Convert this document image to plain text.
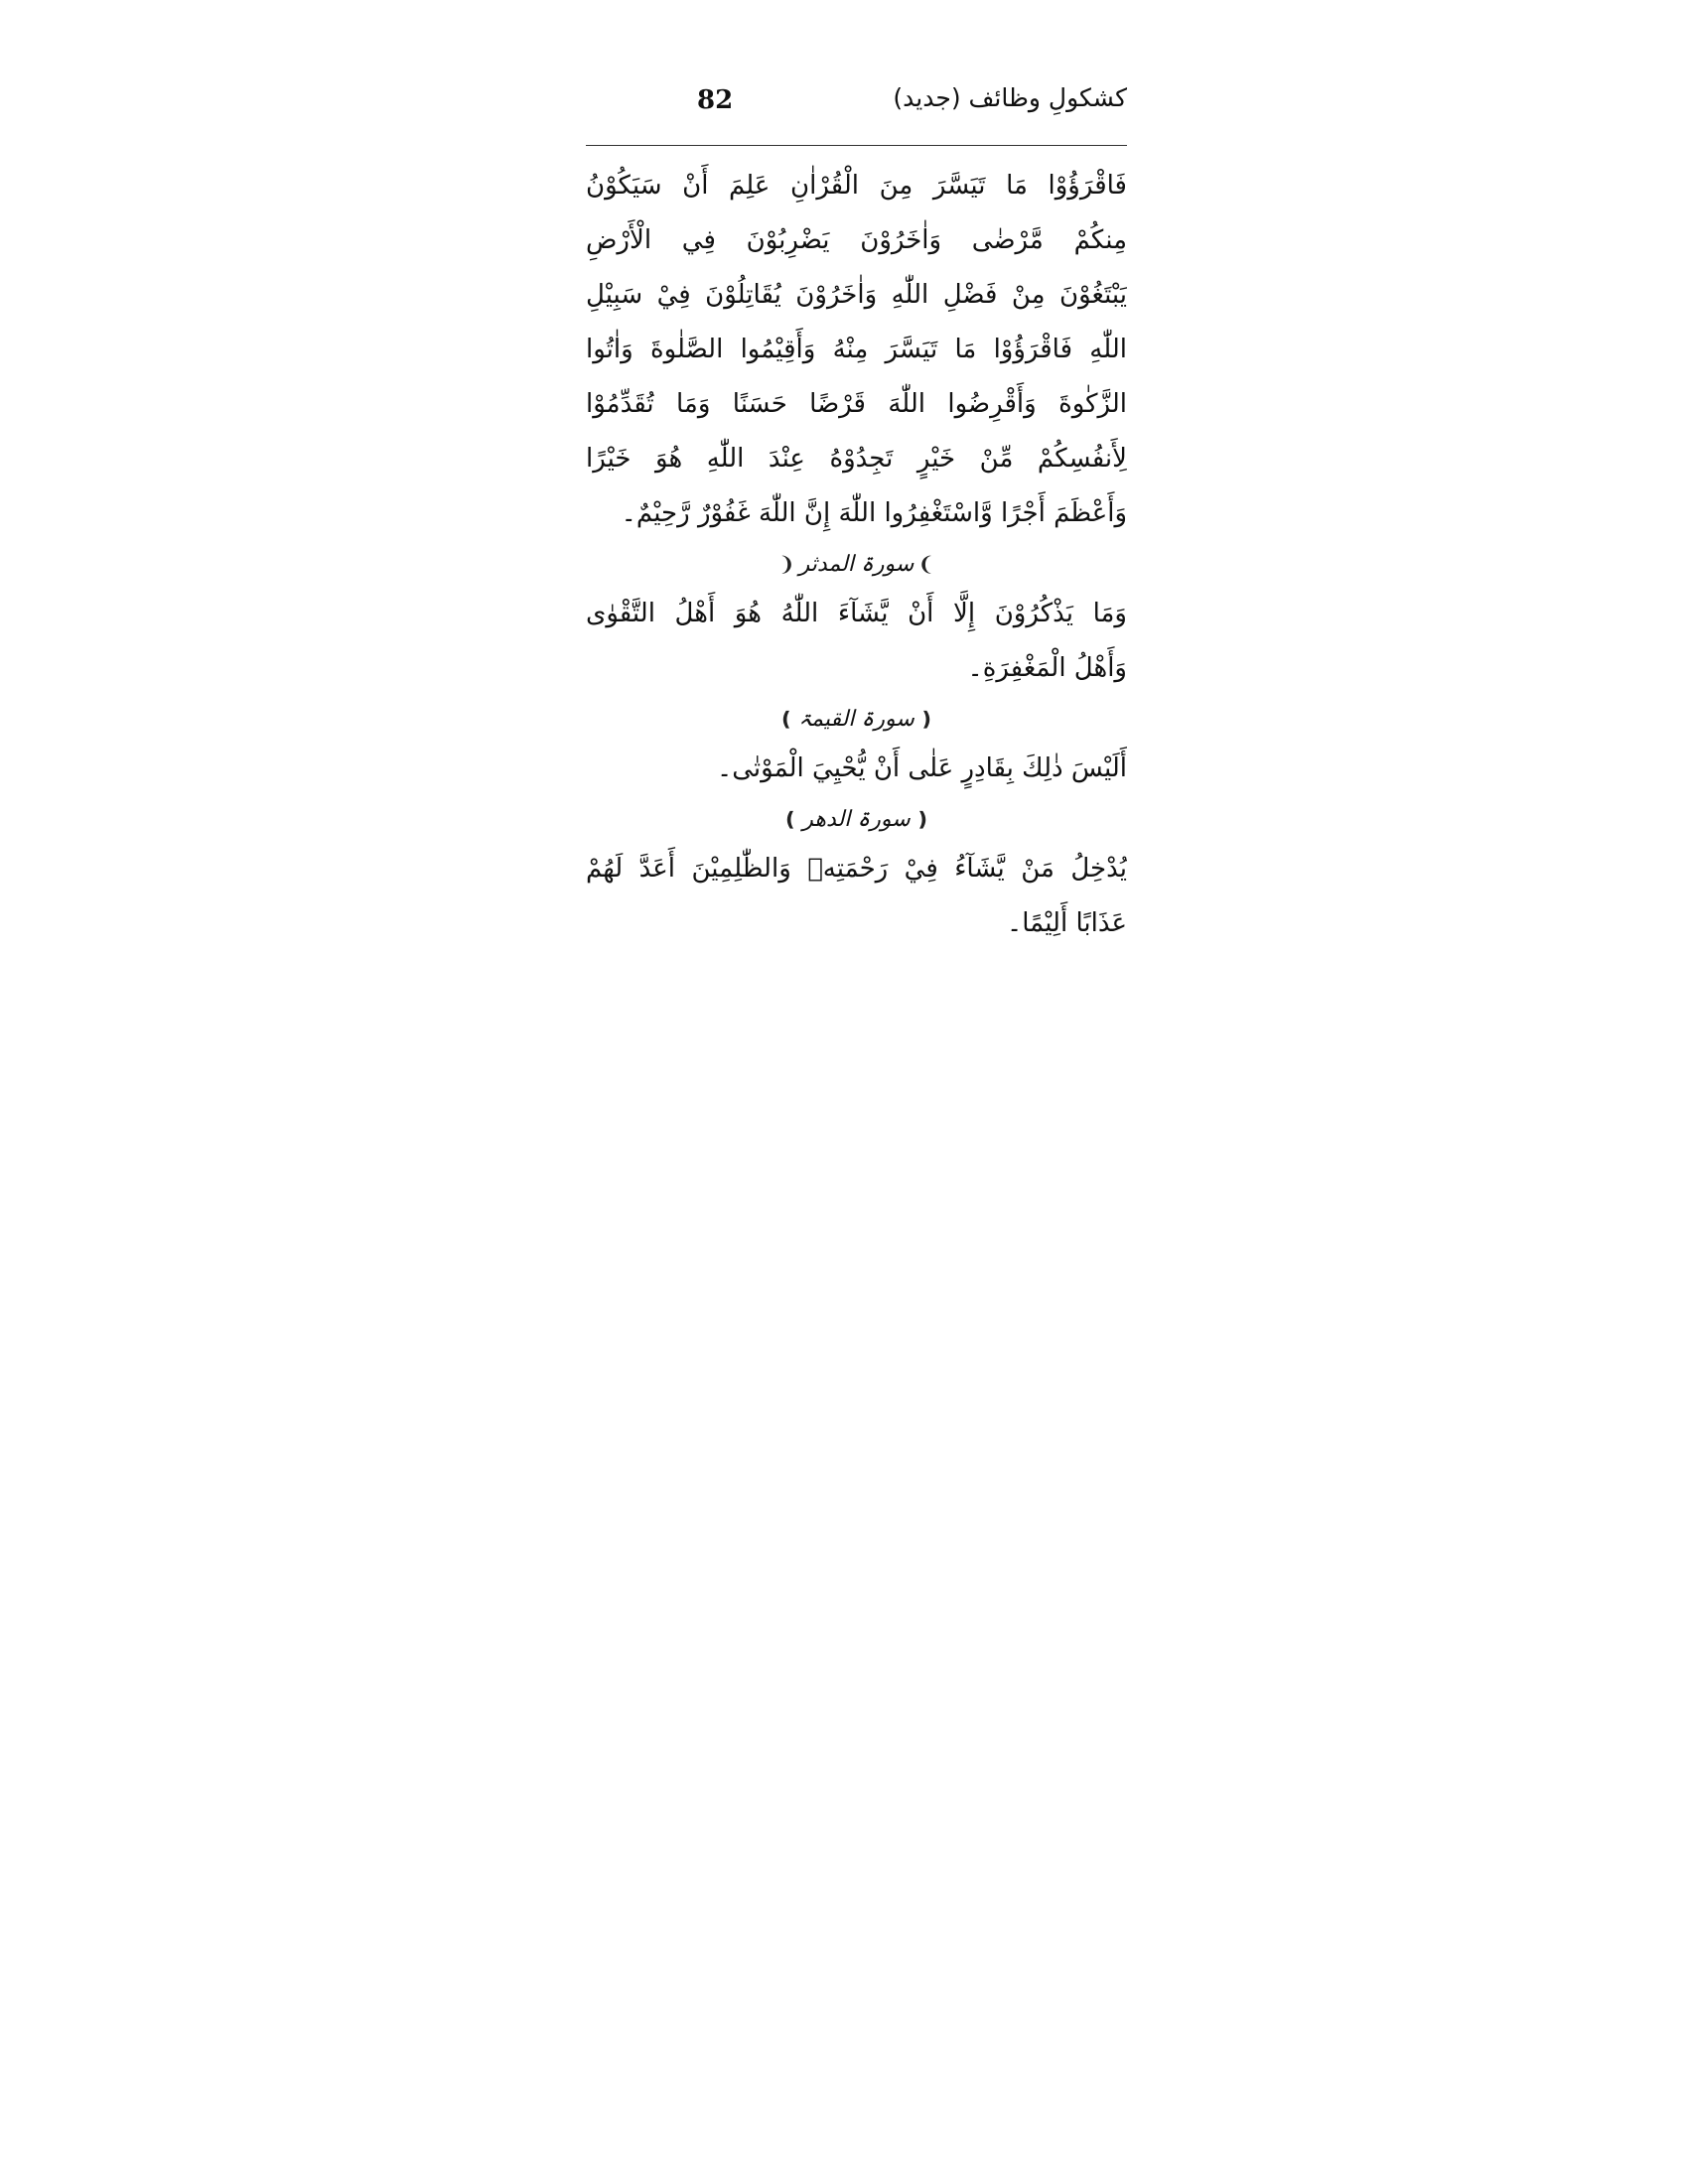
82	کشکولِ وظائف (جدید)
فَاقْرَؤُوْا مَا تَيَسَّرَ مِنَ الْقُرْاٰنِ عَلِمَ أَنْ سَيَكُوْنُ
مِنكُمْ مَّرْضٰى وَاٰخَرُوْنَ يَضْرِبُوْنَ فِي الْأَرْضِ
يَبْتَغُوْنَ مِنْ فَضْلِ اللّٰهِ وَاٰخَرُوْنَ يُقَاتِلُوْنَ فِيْ سَبِيْلِ
اللّٰهِ فَاقْرَؤُوْا مَا تَيَسَّرَ مِنْهُ وَأَقِيْمُوا الصَّلٰوةَ وَاٰتُوا
الزَّكٰوةَ وَأَقْرِضُوا اللّٰهَ قَرْضًا حَسَنًا وَمَا تُقَدِّمُوْا
لِأَنفُسِكُمْ مِّنْ خَيْرٍ تَجِدُوْهُ عِنْدَ اللّٰهِ هُوَ خَيْرًا
وَأَعْظَمَ أَجْرًا وَّاسْتَغْفِرُوا اللّٰهَ إِنَّ اللّٰهَ غَفُوْرٌ رَّحِيْمٌ۔
❩سورۃ المدثر❨
وَمَا يَذْكُرُوْنَ إِلَّا أَنْ يَّشَآءَ اللّٰهُ هُوَ أَهْلُ التَّقْوٰى
وَأَهْلُ الْمَغْفِرَةِ۔
❪سورۃ القیمۃ❫
أَلَيْسَ ذٰلِكَ بِقَادِرٍ عَلٰى أَنْ يُّحْيِيَ الْمَوْتٰى۔
❪سورۃ الدھر❫
يُدْخِلُ مَنْ يَّشَآءُ فِيْ رَحْمَتِهٖ وَالظّٰلِمِيْنَ أَعَدَّ لَهُمْ
عَذَابًا أَلِيْمًا۔
